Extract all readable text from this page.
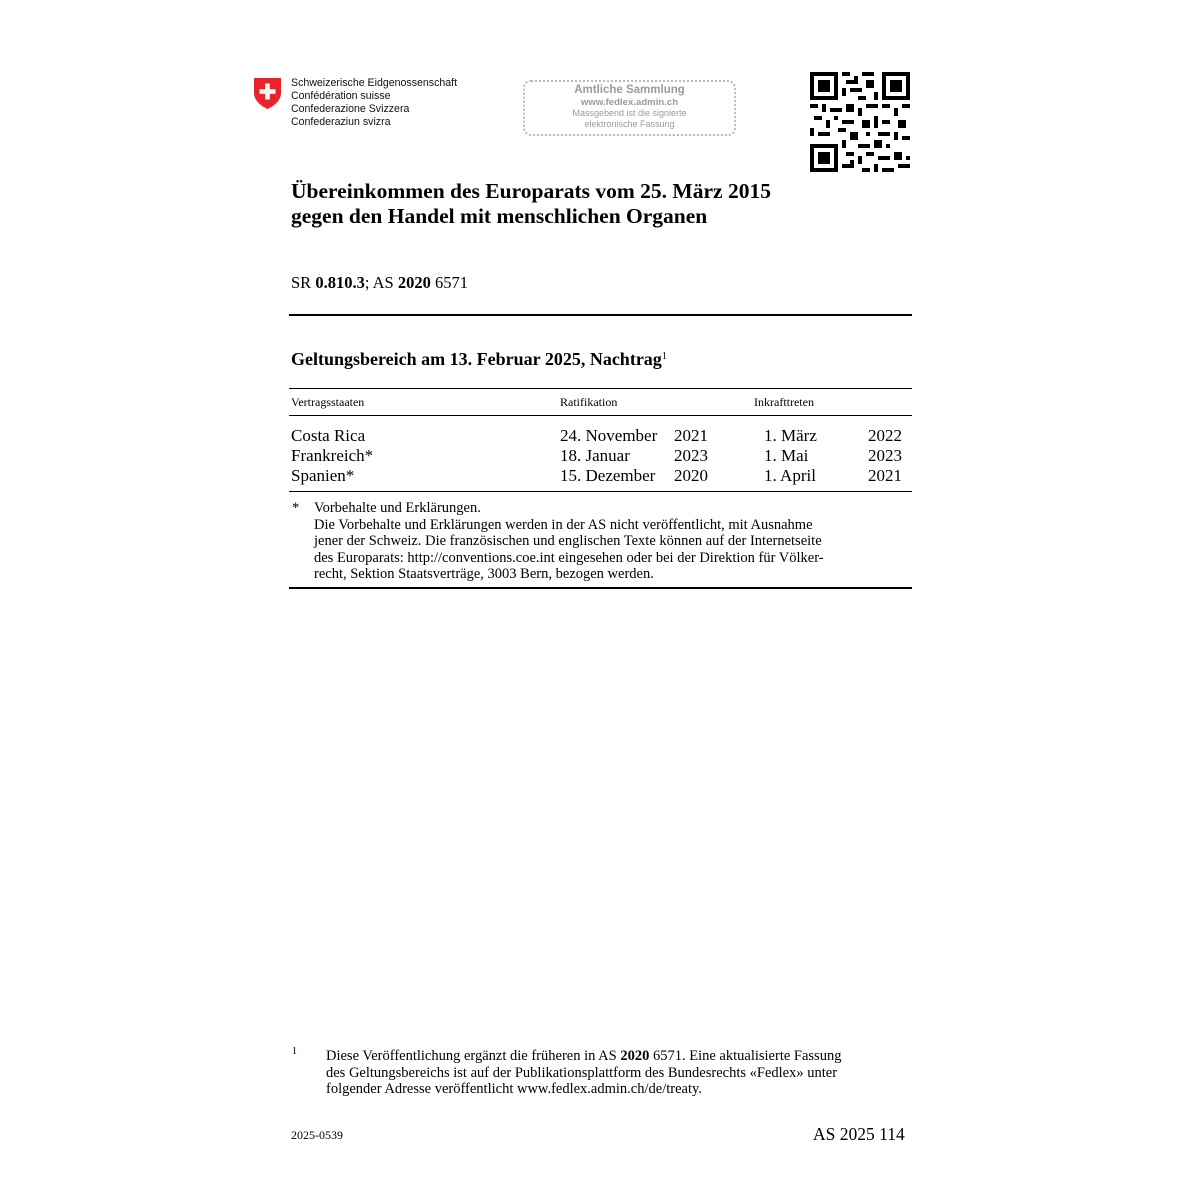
Schweizerische Eidgenossenschaft
Confédération suisse
Confederazione Svizzera
Confederaziun svizra
Amtliche Sammlung
www.fedlex.admin.ch
Massgebend ist die signierte
elektronische Fassung
Übereinkommen des Europarats vom 25. März 2015
gegen den Handel mit menschlichen Organen
SR 0.810.3; AS 2020 6571
Geltungsbereich am 13. Februar 2025, Nachtrag$^1$
Vertragsstaaten	Ratifikation	Inkrafttreten
Costa Rica	24. November 2021	1. März	2022
Frankreich*	18. Januar	2023	1. Mai	2023
Spanien*	15. Dezember 2020	1. April	2021
* Vorbehalte und Erklärungen.
Die Vorbehalte und Erklärungen werden in der AS nicht veröffentlicht, mit Ausnahme
jener der Schweiz. Die französischen und englischen Texte können auf der Internetseite
des Europarats: http://conventions.coe.int eingesehen oder bei der Direktion für Völker-
recht, Sektion Staatsverträge, 3003 Bern, bezogen werden.
1 Diese Veröffentlichung ergänzt die früheren in AS 2020 6571. Eine aktualisierte Fassung
des Geltungsbereichs ist auf der Publikationsplattform des Bundesrechts «Fedlex» unter
folgender Adresse veröffentlicht www.fedlex.admin.ch/de/treaty.
2025-0539	AS 2025 114
